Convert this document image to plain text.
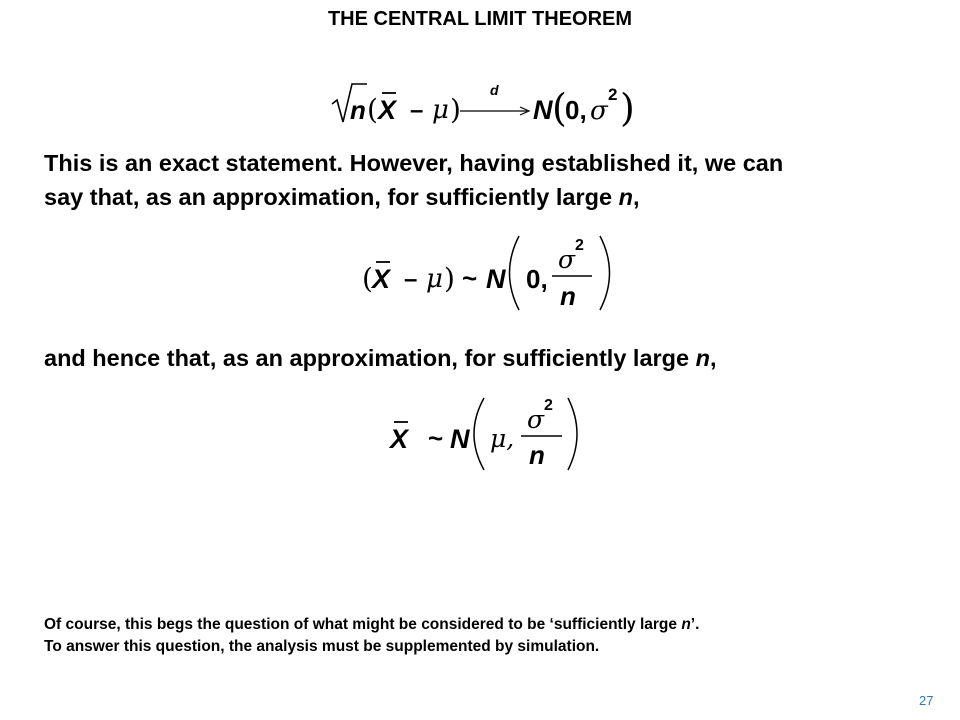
THE CENTRAL LIMIT THEOREM
n ( X – μ )
d
N (
0, σ
2 )
This is an exact statement. However, having established it, we can
say that, as an approximation, for sufficiently large n,
( X – μ ) ~ N 0,
σ 2
n
and hence that, as an approximation, for sufficiently large n,
X ~ N μ,
σ 2
n
Of course, this begs the question of what might be considered to be ‘sufficiently large n’.
To answer this question, the analysis must be supplemented by simulation.
27
